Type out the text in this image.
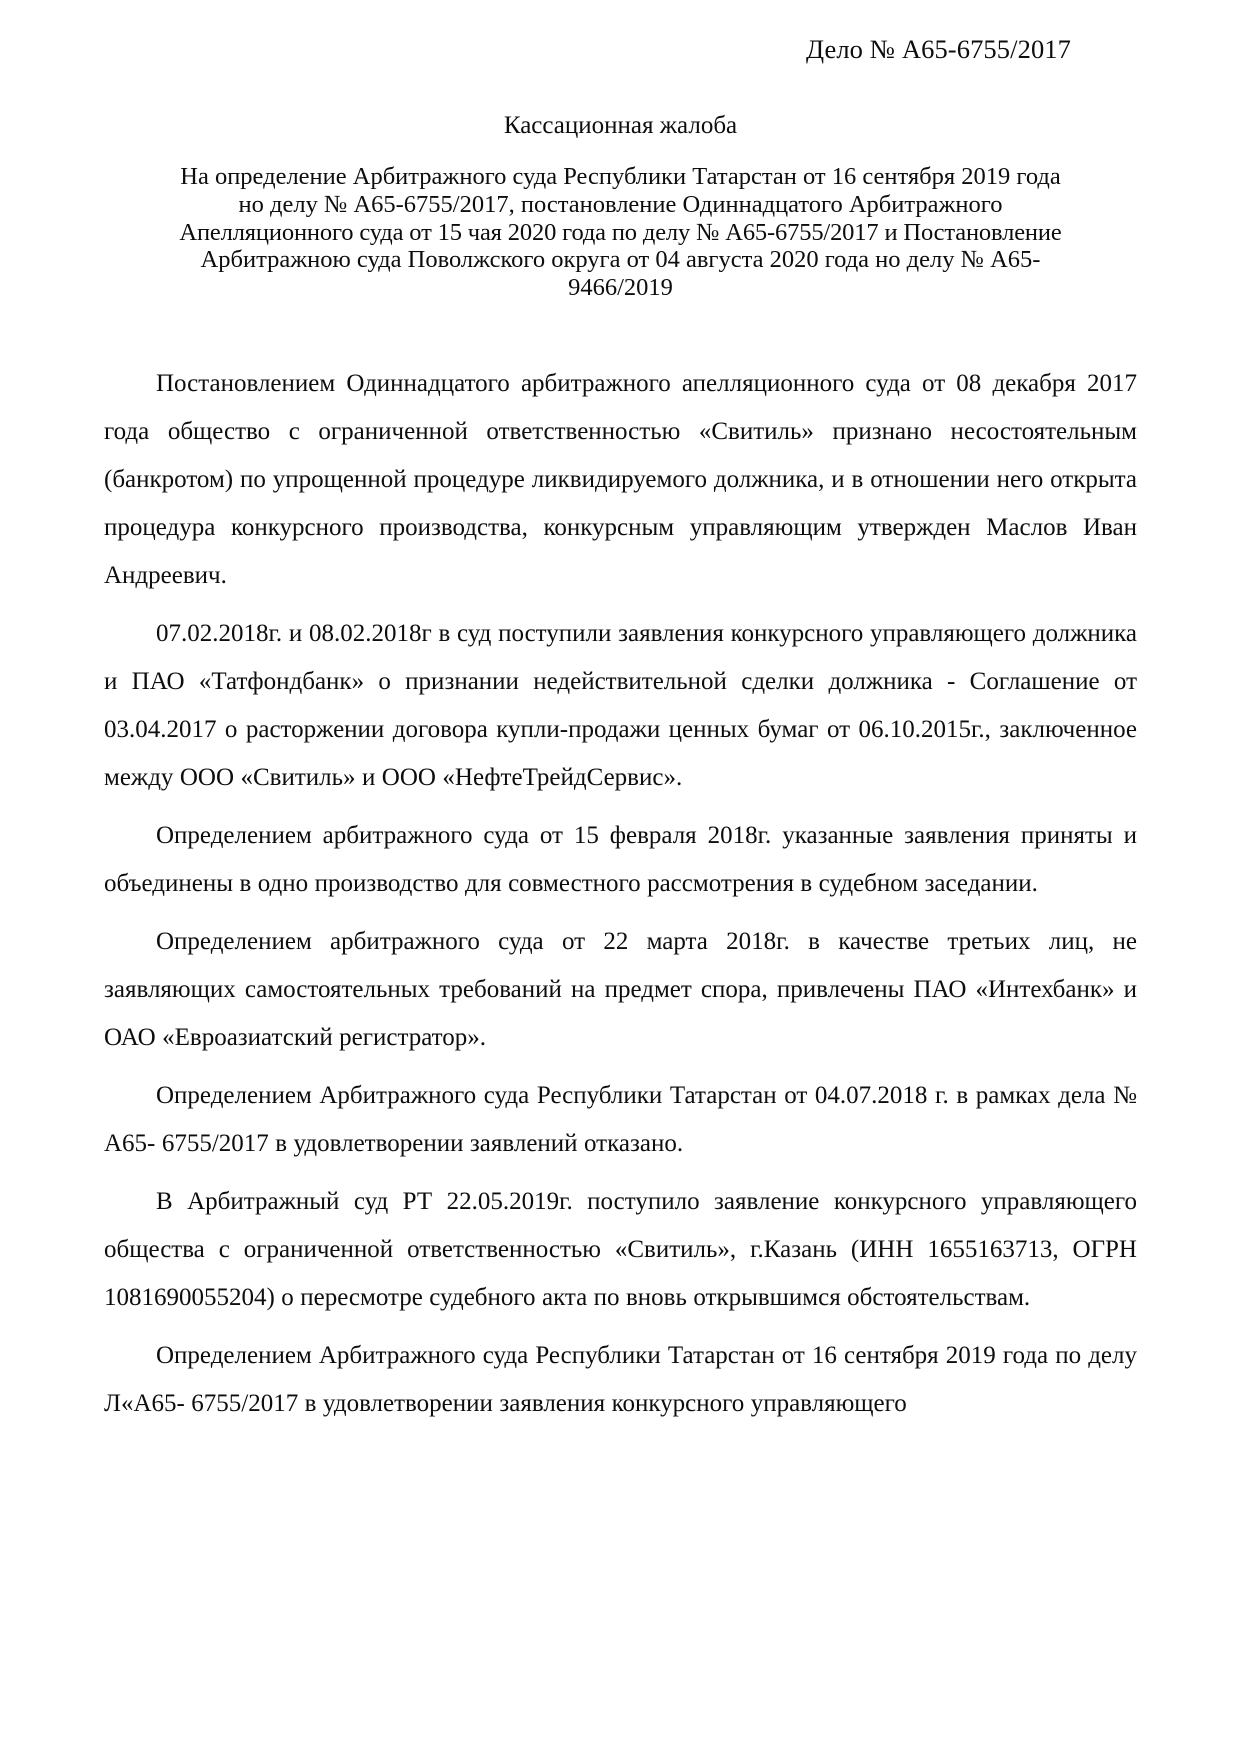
Дело № А65-6755/2017
Кассационная жалоба
На определение Арбитражного суда Республики Татарстан от 16 сентября 2019 года
но делу № А65-6755/2017, постановление Одиннадцатого Арбитражного
Апелляционного суда от 15 чая 2020 года по делу № А65-6755/2017 и Постановление
Арбитражною суда Поволжского округа от 04 августа 2020 года но делу № А65-
9466/2019

Постановлением Одиннадцатого арбитражного апелляционного суда от 08 декабря 2017 года общество с ограниченной ответственностью «Свитиль» признано несостоятельным (банкротом) по упрощенной процедуре ликвидируемого должника, и в отношении него открыта процедура конкурсного производства, конкурсным управляющим утвержден Маслов Иван Андреевич.

07.02.2018г. и 08.02.2018г в суд поступили заявления конкурсного управляющего должника и ПАО «Татфондбанк» о признании недействительной сделки должника - Соглашение от 03.04.2017 о расторжении договора купли-продажи ценных бумаг от 06.10.2015г., заключенное между ООО «Свитиль» и ООО «НефтеТрейдСервис».

Определением арбитражного суда от 15 февраля 2018г. указанные заявления приняты и объединены в одно производство для совместного рассмотрения в судебном заседании.

Определением арбитражного суда от 22 марта 2018г. в качестве третьих лиц, не заявляющих самостоятельных требований на предмет спора, привлечены ПАО «Интехбанк» и ОАО «Евроазиатский регистратор».

Определением Арбитражного суда Республики Татарстан от 04.07.2018 г. в рамках дела № А65- 6755/2017 в удовлетворении заявлений отказано.

В Арбитражный суд РТ 22.05.2019г. поступило заявление конкурсного управляющего общества с ограниченной ответственностью «Свитиль», г.Казань (ИНН 1655163713, ОГРН 1081690055204) о пересмотре судебного акта по вновь открывшимся обстоятельствам.

Определением Арбитражного суда Республики Татарстан от 16 сентября 2019 года по делу Л«А65- 6755/2017 в удовлетворении заявления конкурсного управляющего
